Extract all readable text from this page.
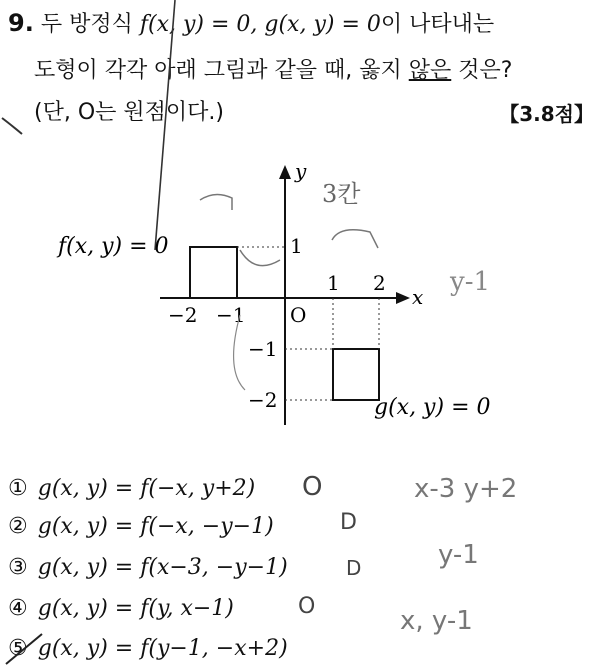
9. 두 방정식 f(x, y) = 0, g(x, y) = 0이 나타내는
도형이 각각 아래 그림과 같을 때, 옳지 않은 것은?
(단, O는 원점이다.)	【3.8점】
y
x
O
f(x, y) = 0
g(x, y) = 0
−2 −1
1 2
1
−1
−2
3칸
y-1
① g(x, y) = f(−x, y+2)
② g(x, y) = f(−x, −y−1)
③ g(x, y) = f(x−3, −y−1)
④ g(x, y) = f(y, x−1)
⑤ g(x, y) = f(y−1, −x+2)
O
D
D
O
x-3 y+2
y-1
x, y-1
